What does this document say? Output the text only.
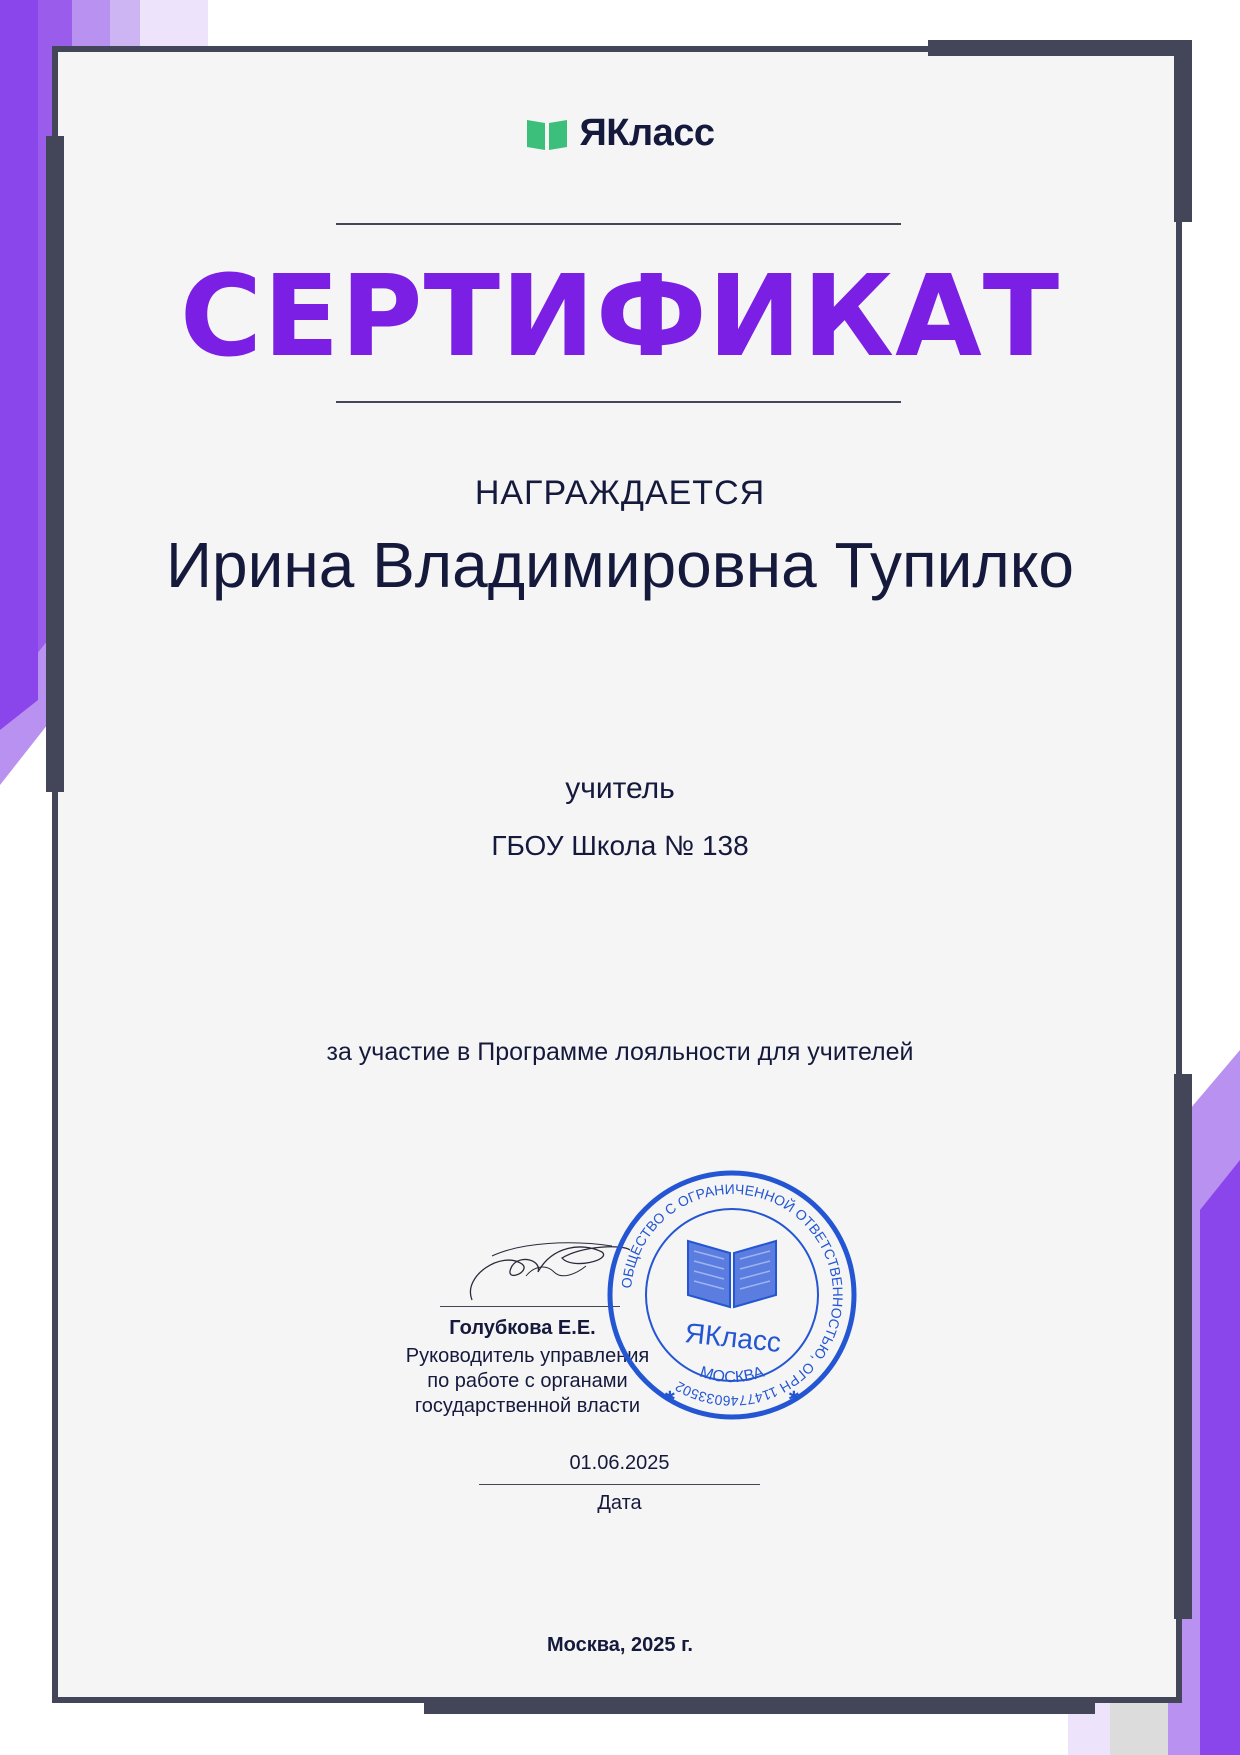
ЯКласс
СЕРТИФИКАТ
НАГРАЖДАЕТСЯ
Ирина Владимировна Тупилко
учитель
ГБОУ Школа № 138
за участие в Программе лояльности для учителей
Голубкова Е.Е.
Руководитель управления
по работе с органами
государственной власти
ОБЩЕСТВО С ОГРАНИЧЕННОЙ ОТВЕТСТВЕННОСТЬЮ, ОГРН 1147746033502
МОСКВА
✱	✱
ЯКласс
01.06.2025
Дата
Москва, 2025 г.
